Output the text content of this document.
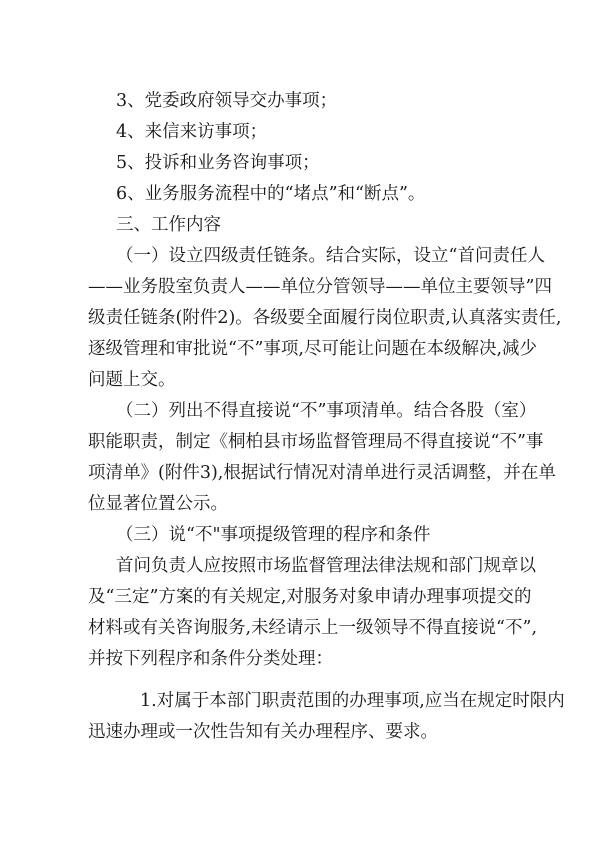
3、党委政府领导交办事项；

4、来信来访事项；

5、投诉和业务咨询事项；

6、业务服务流程中的“堵点”和“断点”。

三、工作内容

（一）设立四级责任链条。结合实际，设立“首问责任人

——业务股室负责人——单位分管领导——单位主要领导”四

级责任链条(附件2)。各级要全面履行岗位职责,认真落实责任,

逐级管理和审批说“不”事项,尽可能让问题在本级解决,减少

问题上交。

（二）列出不得直接说“不”事项清单。结合各股（室）

职能职责，制定《桐柏县市场监督管理局不得直接说“不”事

项清单》(附件3),根据试行情况对清单进行灵活调整，并在单

位显著位置公示。

（三）说“不"事项提级管理的程序和条件

首问负责人应按照市场监督管理法律法规和部门规章以

及“三定”方案的有关规定,对服务对象申请办理事项提交的

材料或有关咨询服务,未经请示上一级领导不得直接说“不”,

并按下列程序和条件分类处理：

1.对属于本部门职责范围的办理事项,应当在规定时限内

迅速办理或一次性告知有关办理程序、要求。
